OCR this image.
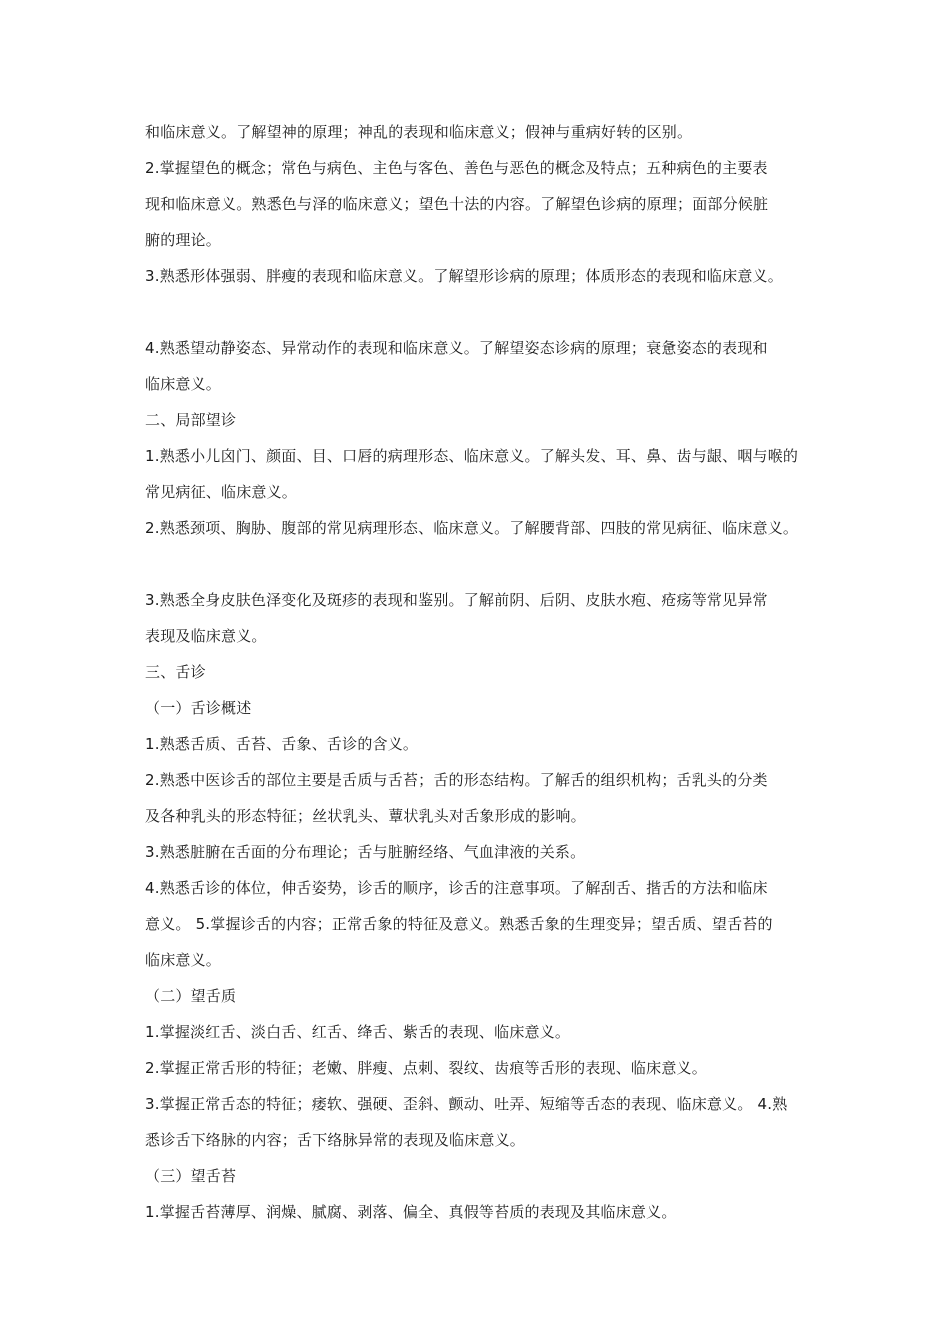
和临床意义。了解望神的原理；神乱的表现和临床意义；假神与重病好转的区别。
2.掌握望色的概念；常色与病色、主色与客色、善色与恶色的概念及特点；五种病色的主要表
现和临床意义。熟悉色与泽的临床意义；望色十法的内容。了解望色诊病的原理；面部分候脏
腑的理论。
3.熟悉形体强弱、胖瘦的表现和临床意义。了解望形诊病的原理；体质形态的表现和临床意义。
4.熟悉望动静姿态、异常动作的表现和临床意义。了解望姿态诊病的原理；衰惫姿态的表现和
临床意义。
二、局部望诊
1.熟悉小儿囟门、颜面、目、口唇的病理形态、临床意义。了解头发、耳、鼻、齿与龈、咽与喉的
常见病征、临床意义。
2.熟悉颈项、胸胁、腹部的常见病理形态、临床意义。了解腰背部、四肢的常见病征、临床意义。
3.熟悉全身皮肤色泽变化及斑疹的表现和鉴别。了解前阴、后阴、皮肤水疱、疮疡等常见异常
表现及临床意义。
三、舌诊
（一）舌诊概述
1.熟悉舌质、舌苔、舌象、舌诊的含义。
2.熟悉中医诊舌的部位主要是舌质与舌苔；舌的形态结构。了解舌的组织机构；舌乳头的分类
及各种乳头的形态特征；丝状乳头、蕈状乳头对舌象形成的影响。
3.熟悉脏腑在舌面的分布理论；舌与脏腑经络、气血津液的关系。
4.熟悉舌诊的体位，伸舌姿势，诊舌的顺序，诊舌的注意事项。了解刮舌、揩舌的方法和临床
意义。 5.掌握诊舌的内容；正常舌象的特征及意义。熟悉舌象的生理变异；望舌质、望舌苔的
临床意义。
（二）望舌质
1.掌握淡红舌、淡白舌、红舌、绛舌、紫舌的表现、临床意义。
2.掌握正常舌形的特征；老嫩、胖瘦、点刺、裂纹、齿痕等舌形的表现、临床意义。
3.掌握正常舌态的特征；痿软、强硬、歪斜、颤动、吐弄、短缩等舌态的表现、临床意义。 4.熟
悉诊舌下络脉的内容；舌下络脉异常的表现及临床意义。
（三）望舌苔
1.掌握舌苔薄厚、润燥、腻腐、剥落、偏全、真假等苔质的表现及其临床意义。
